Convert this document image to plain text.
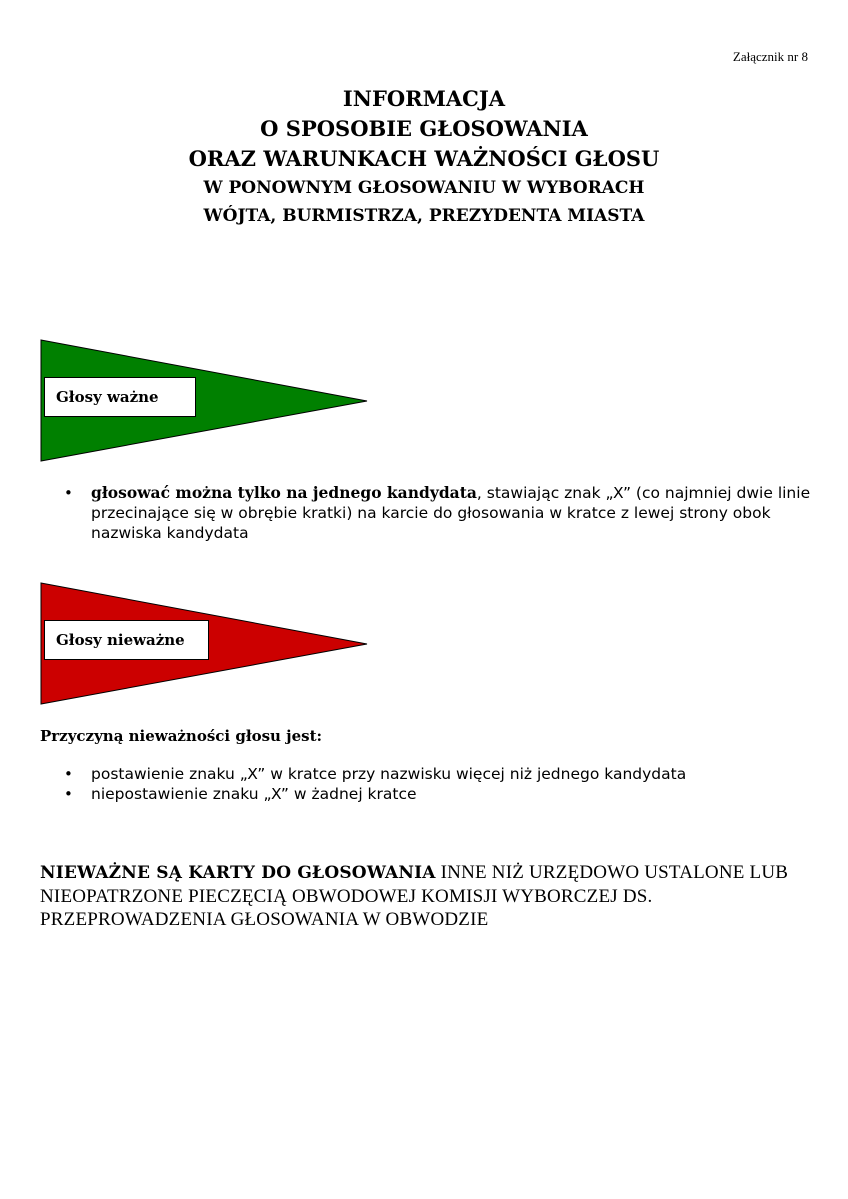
Załącznik nr 8
INFORMACJA
O SPOSOBIE GŁOSOWANIA
ORAZ WARUNKACH WAŻNOŚCI GŁOSU
W PONOWNYM GŁOSOWANIU W WYBORACH
WÓJTA, BURMISTRZA, PREZYDENTA MIASTA
Głosy ważne
• głosować można tylko na jednego kandydata, stawiając znak „X” (co najmniej dwie linie przecinające się w obrębie kratki) na karcie do głosowania w kratce z lewej strony obok nazwiska kandydata
Głosy nieważne
Przyczyną nieważności głosu jest:
• postawienie znaku „X” w kratce przy nazwisku więcej niż jednego kandydata
• niepostawienie znaku „X” w żadnej kratce
NIEWAŻNE SĄ KARTY DO GŁOSOWANIA INNE NIŻ URZĘDOWO USTALONE LUB NIEOPATRZONE PIECZĘCIĄ OBWODOWEJ KOMISJI WYBORCZEJ DS. PRZEPROWADZENIA GŁOSOWANIA W OBWODZIE
